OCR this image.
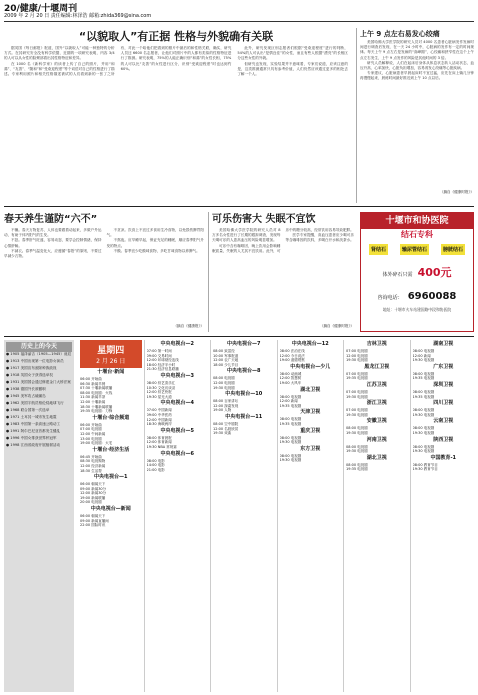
20/健康/十堰周刊
2009 年 2 月 20 日 责任编辑:林泽浩 邮箱:zhida369@sina.com
“以貌取人”有正据 性格与外貌确有关联

据英国《每日邮报》报道，国外“以貌取人”可能一种独特的分析方式。在其研究安全没有科学依据，近期的一项研究表明，内容 3/4 的人可以从女性的脸颊部看出其性格特征和差异。

在 1000 名《新科学家》的读者上传了自己的照片，并用“和蔼”、“友善”、“随和”和“受欢迎程度”等个词语对自己的性格进行了描述。专家利用照片和相关性格描述被试的人们看到新的一张了之所有，对此一个给他们把看到的照片中最后的和性格关联，确实，研究人员还 6600 名志愿者，让他们对照片中的人都有类似的性格特征进行了推测。研究表明，75%的人能正确识别“和蔼”的女性长相，75%的人可以比“友善”的女性进行区分，识别“受欢迎程度”时也达到约 60%。

此外，研究发现区别志愿者们根据“受欢迎程度”进行的判断，54%的人可认出“是情良佳”的女性，而且有些人根据“漂亮”的长相区分这些女性的外貌。

但研究也发现，实验结果并不意味着，专家们说道，应该注意的是，这类推测通常只具有参考价值，人们仍然应该通过更多的相处去了解一个人。

上午 9 点左右易发心绞痛

美国哈佛大学医学院的研究人员对 4000 名患者心脏病发作发病时间进行调查后发现，在一天 24 小时中，心脏病的发作有一定的时间规律。每天上午 9 点左右是发病的“高峰期”，心绞痛和狭窄性在这个上午点左右发生，上午 9 点发作的风险是其他时间的 3 倍。

研究人员解释说，人们在起床后身体从休息状态转入活动状态，血压升高、心率加快，心脏负担增加，容易诱发心绞痛等心脏疾病。

专家建议，心脏病患者早晨起床时不宜过猛，应先在床上躺几分钟再慢慢起来，晨练时间最好推迟到上午 10 点以后。

（摘自《健康时报》）
春天养生谨防“六不”

不懒。春天万物复苏，人体也要跟着动起来，多做户外运动，有助于体内阳气的生发。

不怒。春季肝气旺盛，容易动怒，要学会控制情绪，保持心情舒畅。

不减衣。春季气温变化大，应遵循“春捂”的原则，不要过早减少衣物。

不贪凉。饮食上不宜过多食用生冷食物，以免损伤脾胃阳气。

不熬夜。应早睡早起，保证充足的睡眠，顺应春季阳气升发的特点。

不酸。春季宜少吃酸味食物，多吃甘味食物以养脾气。

（摘自《健康报》）
可乐伤害大 失眠不宜饮

美国哈佛大学医学院的研究人员对 8 万多名女性进行了长期的跟踪调查，发现每天喝可乐的人患高血压的风险明显增加。

可乐中含有咖啡因，晚上饮用会影响睡眠质量，失眠的人尤其不宜饮用。此外，可乐中的糖分较高，经常饮用容易导致肥胖。

医学专家提醒，高血压患者应少喝可乐等含咖啡因的饮料，多喝白开水和淡茶水。

（摘自《健康时报》）
十堰市和协医院
结石专科
肾结石	输尿管结石	膀胱结石
体外碎石只需 400元
咨询电话： 6960088
地址：十堰市火车站建国路中段和协医院
历史上的今天
● 1905 福泽谕吉（1905—1945）诞辰
● 1913 中国出现第一位电影女演员
● 1917 美国宣布废除种族歧视
● 1918 英国女子获得选举权
● 1931 美国国会通过修建金门大桥法案
● 1938 德国外长被撤职
● 1945 美军攻占硫磺岛
● 1962 美国宇航员格伦绕地球飞行
● 1968 联合国第一次选举
● 1971 土耳其一城市发生地震
● 1983 中国第一条高速公路动工
● 1991 阿尔巴尼亚首都发生骚乱
● 1996 中国女排获世界杯冠军
● 1998 江西省政府开展植树活动
星期四
2 月 26 日
十堰台·新闻
06:00 开始曲
06:30 新闻早餐
07:30 十堰新闻联播
08:00 电视剧：火线
11:30 新闻早茶
12:00 十堰新闻
18:30 十堰新闻联播
19:35 电视剧：刀锋
十堰台·综合频道
06:00 开始曲
07:00 电视剧
12:00 午间新闻
13:00 电视剧
19:00 电视剧：大宅
十堰台·经济生活
06:45 开始曲
08:30 电视购物
12:00 经济新闻
18:30 生活帮
中央电视台—1
06:00 朝闻天下
09:00 新闻30分
12:00 新闻30分
19:00 新闻联播
20:00 电视剧
中央电视台—新闻
06:00 朝闻天下
09:00 新闻直播间
22:00 国际时讯
中央电视台—2
07:00 第一时间
09:00 交易时间
12:00 环球财经连线
18:00 经济半小时
21:30 经济信息联播
中央电视台—3
08:00 综艺喜乐汇
10:30 文化访谈录
12:00 综艺快报
19:30 星光大道
中央电视台—4
07:00 中国新闻
09:00 中华医药
12:00 中国新闻
18:30 海峡两岸
中央电视台—5
08:00 体育晨报
12:00 体育新闻
19:30 NBA 常规赛
中央电视台—6
08:00 电影
14:00 电影
21:00 电影
中央电视台—7
08:00 致富经
10:00 军事报道
12:00 农广天地
18:00 少儿节目
中央电视台—8
08:00 电视剧
12:00 电视剧
19:30 电视剧
中央电视台—10
08:00 百家讲坛
12:00 探索发现
19:00 人物
中央电视台—11
08:00 空中剧院
12:00 名段欣赏
19:30 戏曲
中央电视台—12
08:00 法治在线
12:00 今日说法
19:00 道德观察
中央电视台—少儿
08:00 动画城
12:00 智慧树
19:00 大风车
湖北卫视
08:00 电视剧
12:00 新闻
19:35 电视剧
天津卫视
08:00 电视剧
19:35 电视剧
重庆卫视
08:00 电视剧
19:30 电视剧
东方卫视
08:00 电视剧
19:30 电视剧
吉林卫视
07:00 电视剧
12:00 电视剧
19:30 电视剧
黑龙江卫视
07:00 电视剧
19:35 电视剧
江苏卫视
07:00 电视剧
19:30 电视剧
浙江卫视
07:00 电视剧
19:30 电视剧
安徽卫视
08:00 电视剧
19:30 电视剧
河南卫视
08:00 电视剧
19:30 电视剧
湖北卫视
08:00 电视剧
19:35 电视剧
湖南卫视
08:00 电视剧
12:00 新闻
19:30 电视剧
广东卫视
08:00 电视剧
19:35 电视剧
深圳卫视
08:00 电视剧
19:35 电视剧
四川卫视
08:00 电视剧
19:30 电视剧
云南卫视
08:00 电视剧
19:30 电视剧
陕西卫视
08:00 电视剧
19:30 电视剧
中国教育-1
08:00 教育节目
19:30 教育节目
